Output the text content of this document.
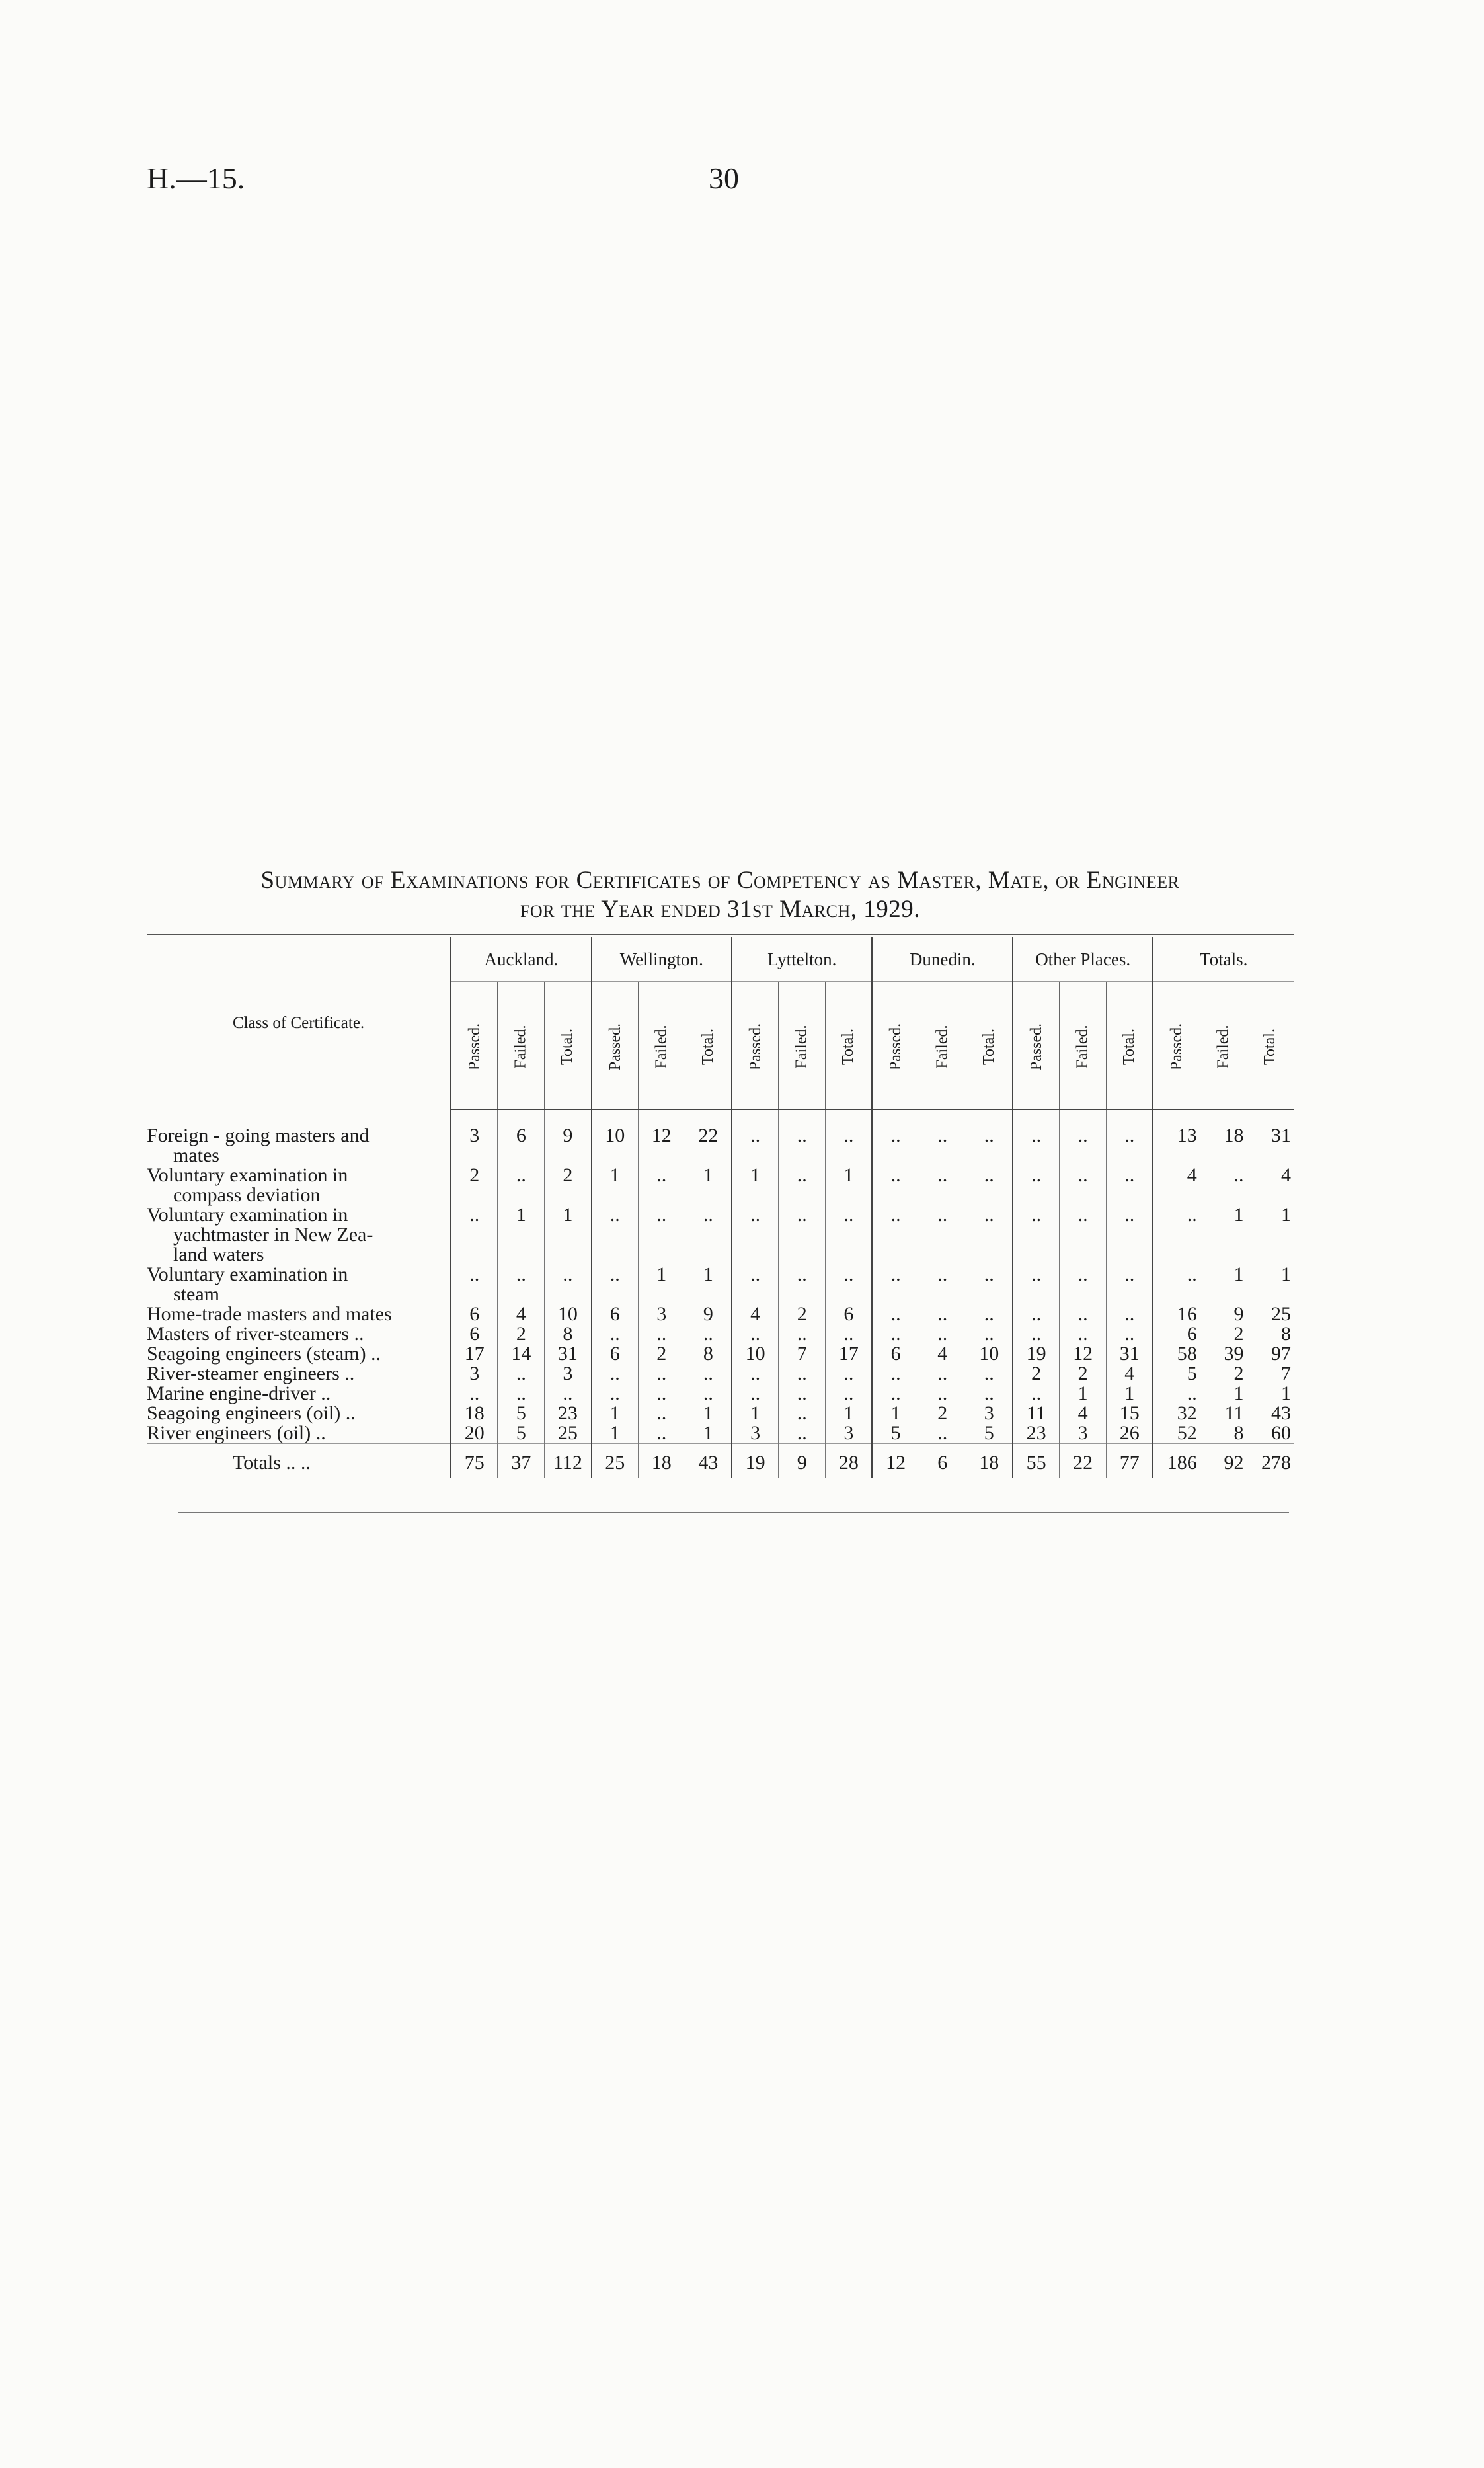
H.—15.	30
Summary of Examinations for Certificates of Competency as Master, Mate, or Engineer
for the Year ended 31st March, 1929.
Class of Certificate.	Auckland.			Wellington.			Lyttelton.			Dunedin.			Other Places.			Totals.		

	Passed.	Failed.	Total.	Passed.	Failed.	Total.	Passed.	Failed.	Total.	Passed.	Failed.	Total.	Passed.	Failed.	Total.	Passed.	Failed.	Total.

Foreign - going masters and
mates	3	6	9	10	12	22	..	..	..	..	..	..	..	..	..	13	18	31
Voluntary examination in
compass deviation	2	..	2	1	..	1	1	..	1	..	..	..	..	..	..	4	..	4
Voluntary examination in
yachtmaster in New Zea-
land waters	..	1	1	..	..	..	..	..	..	..	..	..	..	..	..	..	1	1
Voluntary examination in
steam	..	..	..	..	1	1	..	..	..	..	..	..	..	..	..	..	1	1
Home-trade masters and mates	6	4	10	6	3	9	4	2	6	..	..	..	..	..	..	16	9	25
Masters of river-steamers ..	6	2	8	..	..	..	..	..	..	..	..	..	..	..	..	6	2	8
Seagoing engineers (steam) ..	17	14	31	6	2	8	10	7	17	6	4	10	19	12	31	58	39	97
River-steamer engineers ..	3	..	3	..	..	..	..	..	..	..	..	..	2	2	4	5	2	7
Marine engine-driver ..	..	..	..	..	..	..	..	..	..	..	..	..	..	1	1	..	1	1
Seagoing engineers (oil) ..	18	5	23	1	..	1	1	..	1	1	2	3	11	4	15	32	11	43
River engineers (oil) ..	20	5	25	1	..	1	3	..	3	5	..	5	23	3	26	52	8	60
Totals .. ..	75	37	112	25	18	43	19	9	28	12	6	18	55	22	77	186	92	278
